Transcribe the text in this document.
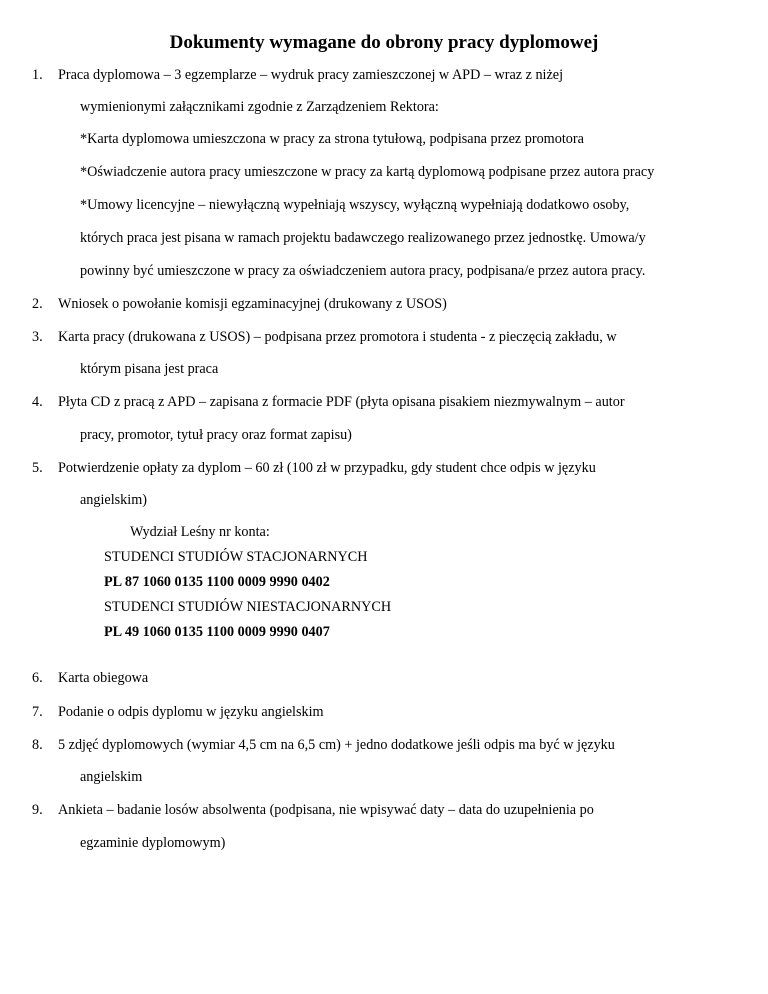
Dokumenty wymagane do obrony pracy dyplomowej
1. Praca dyplomowa – 3 egzemplarze – wydruk pracy zamieszczonej w APD – wraz z niżej
wymienionymi załącznikami zgodnie z Zarządzeniem Rektora:
*Karta dyplomowa umieszczona w pracy za strona tytułową, podpisana przez promotora
*Oświadczenie autora pracy umieszczone w pracy za kartą dyplomową podpisane przez autora pracy
*Umowy licencyjne – niewyłączną wypełniają wszyscy, wyłączną wypełniają dodatkowo osoby,
których praca jest pisana w ramach projektu badawczego realizowanego przez jednostkę. Umowa/y
powinny być umieszczone w pracy za oświadczeniem autora pracy, podpisana/e przez autora pracy.
2. Wniosek o powołanie komisji egzaminacyjnej (drukowany z USOS)
3. Karta pracy (drukowana z USOS) – podpisana przez promotora i studenta - z pieczęcią zakładu, w
którym pisana jest praca
4. Płyta CD z pracą z APD – zapisana z formacie PDF (płyta opisana pisakiem niezmywalnym – autor
pracy, promotor, tytuł pracy oraz format zapisu)
5. Potwierdzenie opłaty za dyplom – 60 zł (100 zł w przypadku, gdy student chce odpis w języku
angielskim)
Wydział Leśny nr konta:
STUDENCI STUDIÓW STACJONARNYCH
PL 87 1060 0135 1100 0009 9990 0402
STUDENCI STUDIÓW NIESTACJONARNYCH
PL 49 1060 0135 1100 0009 9990 0407
6. Karta obiegowa
7. Podanie o odpis dyplomu w języku angielskim
8. 5 zdjęć dyplomowych (wymiar 4,5 cm na 6,5 cm) + jedno dodatkowe jeśli odpis ma być w języku
angielskim
9. Ankieta – badanie losów absolwenta (podpisana, nie wpisywać daty – data do uzupełnienia po
egzaminie dyplomowym)
